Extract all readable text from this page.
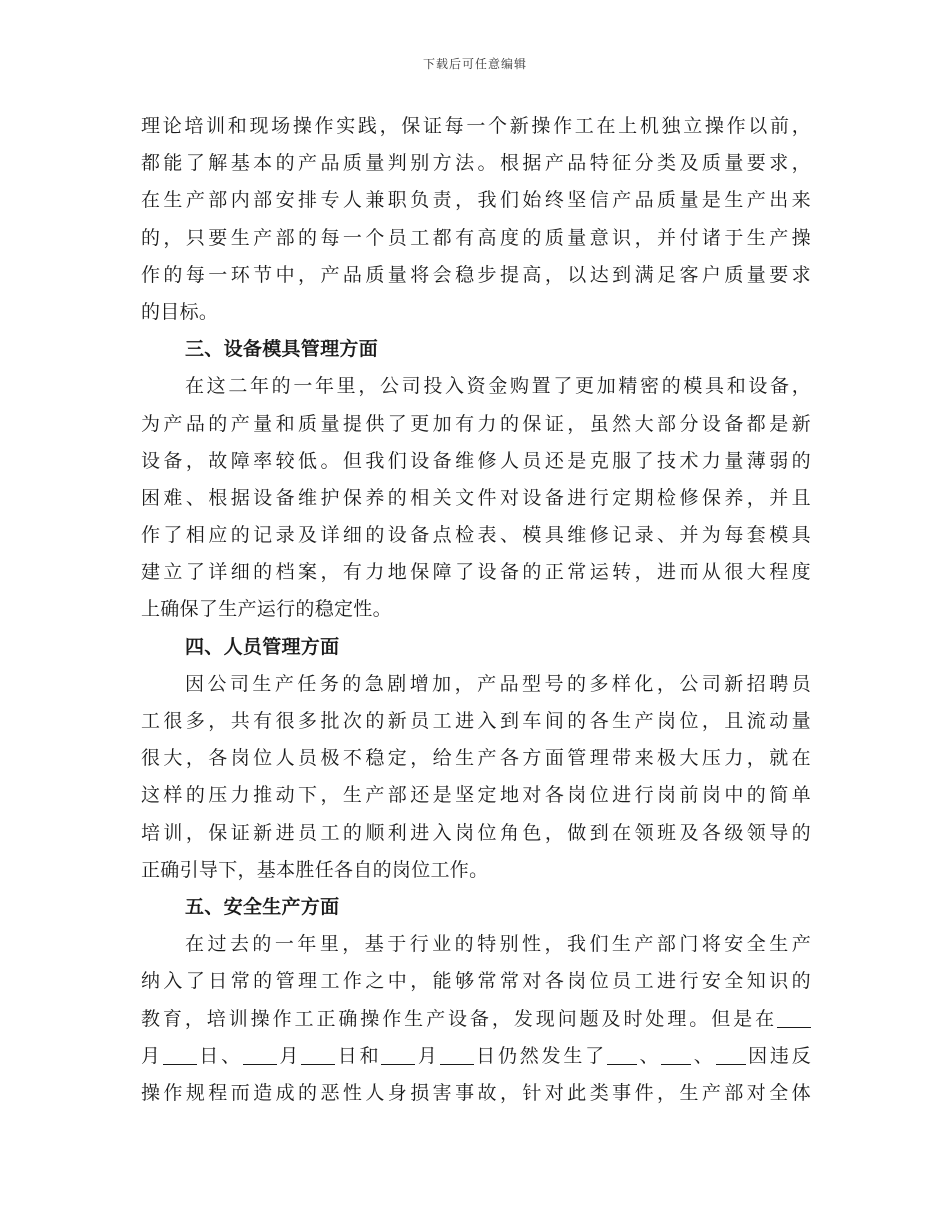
下载后可任意编辑
理论培训和现场操作实践，保证每一个新操作工在上机独立操作以前，
都能了解基本的产品质量判别方法。根据产品特征分类及质量要求，
在生产部内部安排专人兼职负责，我们始终坚信产品质量是生产出来
的，只要生产部的每一个员工都有高度的质量意识，并付诸于生产操
作的每一环节中，产品质量将会稳步提高，以达到满足客户质量要求
的目标。
三、设备模具管理方面
在这二年的一年里，公司投入资金购置了更加精密的模具和设备，
为产品的产量和质量提供了更加有力的保证，虽然大部分设备都是新
设备，故障率较低。但我们设备维修人员还是克服了技术力量薄弱的
困难、根据设备维护保养的相关文件对设备进行定期检修保养，并且
作了相应的记录及详细的设备点检表、模具维修记录、并为每套模具
建立了详细的档案，有力地保障了设备的正常运转，进而从很大程度
上确保了生产运行的稳定性。
四、人员管理方面
因公司生产任务的急剧增加，产品型号的多样化，公司新招聘员
工很多，共有很多批次的新员工进入到车间的各生产岗位，且流动量
很大，各岗位人员极不稳定，给生产各方面管理带来极大压力，就在
这样的压力推动下，生产部还是坚定地对各岗位进行岗前岗中的简单
培训，保证新进员工的顺利进入岗位角色，做到在领班及各级领导的
正确引导下，基本胜任各自的岗位工作。
五、安全生产方面
在过去的一年里，基于行业的特别性，我们生产部门将安全生产
纳入了日常的管理工作之中，能够常常对各岗位员工进行安全知识的
教育，培训操作工正确操作生产设备，发现问题及时处理。但是在
月 日、 月 日和 月 日仍然发生了 、 、 因违反
操作规程而造成的恶性人身损害事故，针对此类事件，生产部对全体
